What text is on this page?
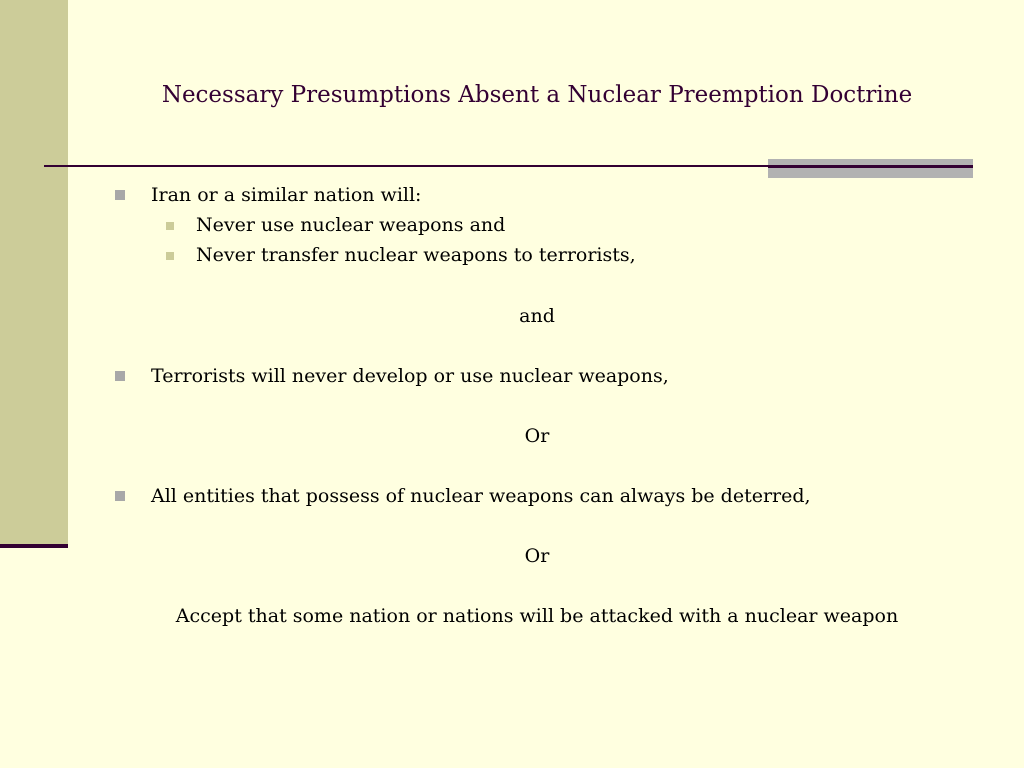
Necessary Presumptions Absent a Nuclear Preemption Doctrine
Iran or a similar nation will:
Never use nuclear weapons and
Never transfer nuclear weapons to terrorists,
and
Terrorists will never develop or use nuclear weapons,
Or
All entities that possess of nuclear weapons can always be deterred,
Or
Accept that some nation or nations will be attacked with a nuclear weapon
